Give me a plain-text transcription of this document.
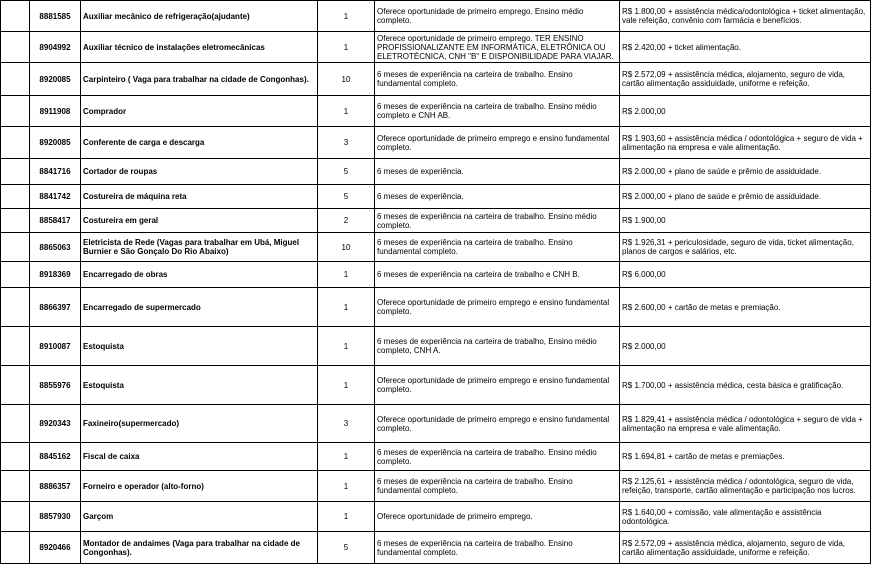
	8881585	Auxiliar mecânico de refrigeração(ajudante)	1	Oferece oportunidade de primeiro emprego. Ensino médio completo.	R$ 1.800,00 + assistência médica/odontológica + ticket alimentação, vale refeição, convênio com farmácia e benefícios.	
	8904992	Auxiliar técnico de instalações eletromecânicas	1	Oferece oportunidade de primeiro emprego. TER ENSINO PROFISSIONALIZANTE EM INFORMÁTICA, ELETRÔNICA OU ELETROTÉCNICA, CNH "B" E DISPONIBILIDADE PARA VIAJAR.	R$ 2.420,00 + ticket alimentação.	
	8920085	Carpinteiro ( Vaga para trabalhar na cidade de Congonhas).	10	6 meses de experiência na carteira de trabalho. Ensino fundamental completo.	R$ 2.572,09 + assistência médica, alojamento, seguro de vida, cartão alimentação assiduidade, uniforme e refeição.	
	8911908	Comprador	1	6 meses de experiência na carteira de trabalho. Ensino médio completo e CNH AB.	R$ 2.000,00	
	8920085	Conferente de carga e descarga	3	Oferece oportunidade de primeiro emprego e ensino fundamental completo.	R$ 1.903,60 + assistência médica / odontológica + seguro de vida + alimentação na empresa e vale alimentação.	
	8841716	Cortador de roupas	5	6 meses de experiência.	R$ 2.000,00 + plano de saúde e prêmio de assiduidade.	
	8841742	Costureira de máquina reta	5	6 meses de experiência.	R$ 2.000,00 + plano de saúde e prêmio de assiduidade.	
	8858417	Costureira em geral	2	6 meses de experiência na carteira de trabalho. Ensino médio completo.	R$ 1.900,00	
	8865063	Eletricista de Rede (Vagas para trabalhar em Ubá, Miguel Burnier e São Gonçalo Do Rio Abaixo)	10	6 meses de experiência na carteira de trabalho. Ensino fundamental completo.	R$ 1.926,31 + periculosidade, seguro de vida, ticket alimentação, planos de cargos e salários, etc.	
	8918369	Encarregado de obras	1	6 meses de experiência na carteira de trabalho e CNH B.	R$ 6.000,00	
	8866397	Encarregado de supermercado	1	Oferece oportunidade de primeiro emprego e ensino fundamental completo.	R$ 2.600,00 + cartão de metas e premiação.	
	8910087	Estoquista	1	6 meses de experiência na carteira de trabalho, Ensino médio completo, CNH A.	R$ 2.000,00	
	8855976	Estoquista	1	Oferece oportunidade de primeiro emprego e ensino fundamental completo.	R$ 1.700,00 + assistência médica, cesta básica e gratificação.	
	8920343	Faxineiro(supermercado)	3	Oferece oportunidade de primeiro emprego e ensino fundamental completo.	R$ 1.829,41 + assistência médica / odontológica + seguro de vida + alimentação na empresa e vale alimentação.	
	8845162	Fiscal de caixa	1	6 meses de experiência na carteira de trabalho. Ensino médio completo.	R$ 1.694,81 + cartão de metas e premiações.	
	8886357	Forneiro e operador (alto-forno)	1	6 meses de experiência na carteira de trabalho. Ensino fundamental completo.	R$ 2.125,61 + assistência médica / odontológica, seguro de vida, refeição, transporte, cartão alimentação e participação nos lucros.	
	8857930	Garçom	1	Oferece oportunidade de primeiro emprego.	R$ 1.640,00 + comissão, vale alimentação e assistência odontológica.	
	8920466	Montador de andaimes (Vaga para trabalhar na cidade de Congonhas).	5	6 meses de experiência na carteira de trabalho. Ensino fundamental completo.	R$ 2.572,09 + assistência médica, alojamento, seguro de vida, cartão alimentação assiduidade, uniforme e refeição.	
